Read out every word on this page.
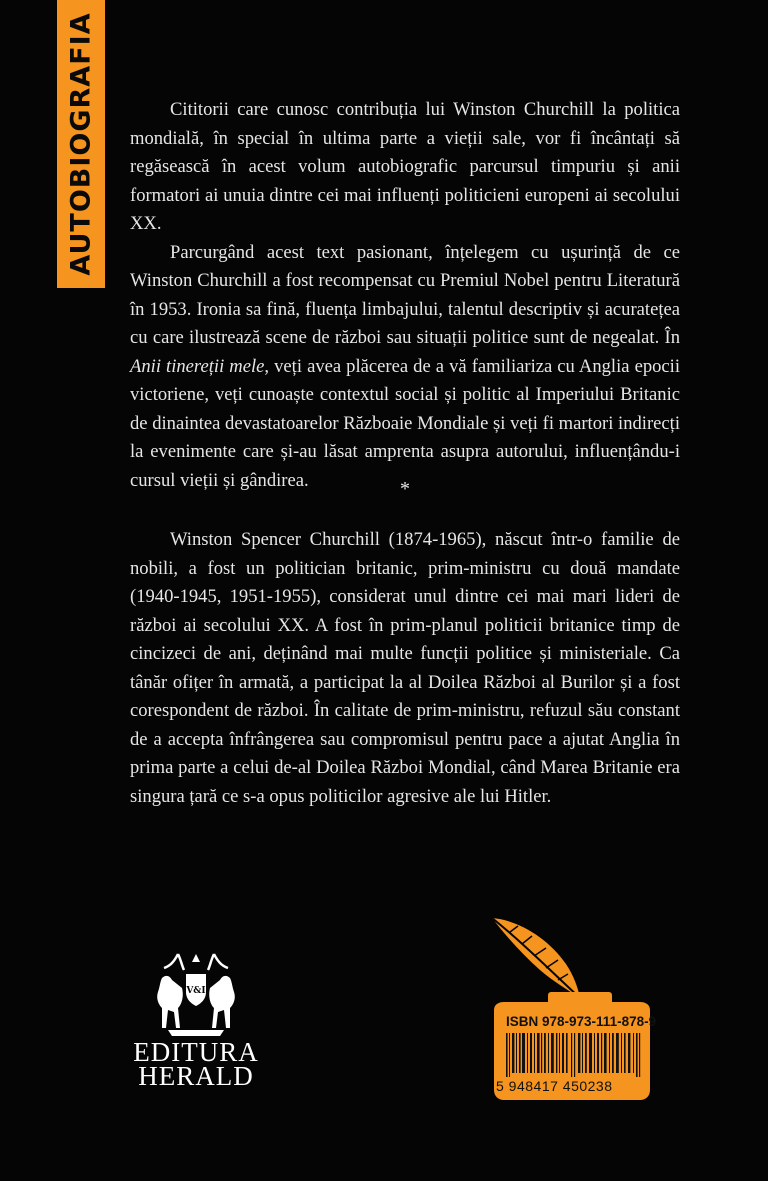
AUTOBIOGRAFIA	Cititorii care cunosc contribuția lui Winston Churchill la politica mondială, în special în ultima parte a vieții sale, vor fi încântați să regăsească în acest volum autobiografic parcursul timpuriu și anii formatori ai unuia dintre cei mai influenți politicieni europeni ai secolului XX.

Parcurgând acest text pasionant, înțelegem cu ușurință de ce Winston Churchill a fost recompensat cu Premiul Nobel pentru Literatură în 1953. Ironia sa fină, fluența limbajului, talentul descriptiv și acuratețea cu care ilustrează scene de război sau situații politice sunt de negealat. În Anii tinereții mele, veți avea plăcerea de a vă familiariza cu Anglia epocii victoriene, veți cunoaște contextul social și politic al Imperiului Britanic de dinaintea devastatoarelor Războaie Mondiale și veți fi martori indirecți la evenimente care și-au lăsat amprenta asupra autorului, influențându-i cursul vieții și gândirea.	*

Winston Spencer Churchill (1874-1965), născut într-o familie de nobili, a fost un politician britanic, prim-ministru cu două mandate (1940-1945, 1951-1955), considerat unul dintre cei mai mari lideri de război ai secolului XX. A fost în prim-planul politicii britanice timp de cincizeci de ani, deținând mai multe funcții politice și ministeriale. Ca tânăr ofițer în armată, a participat la al Doilea Război al Burilor și a fost corespondent de război. În calitate de prim-ministru, refuzul său constant de a accepta înfrângerea sau compromisul pentru pace a ajutat Anglia în prima parte a celui de-al Doilea Război Mondial, când Marea Britanie era singura țară ce s-a opus politicilor agresive ale lui Hitler.

V&I
EDITURA
HERALD
ISBN 978-973-111-878-9
5 948417 450238
